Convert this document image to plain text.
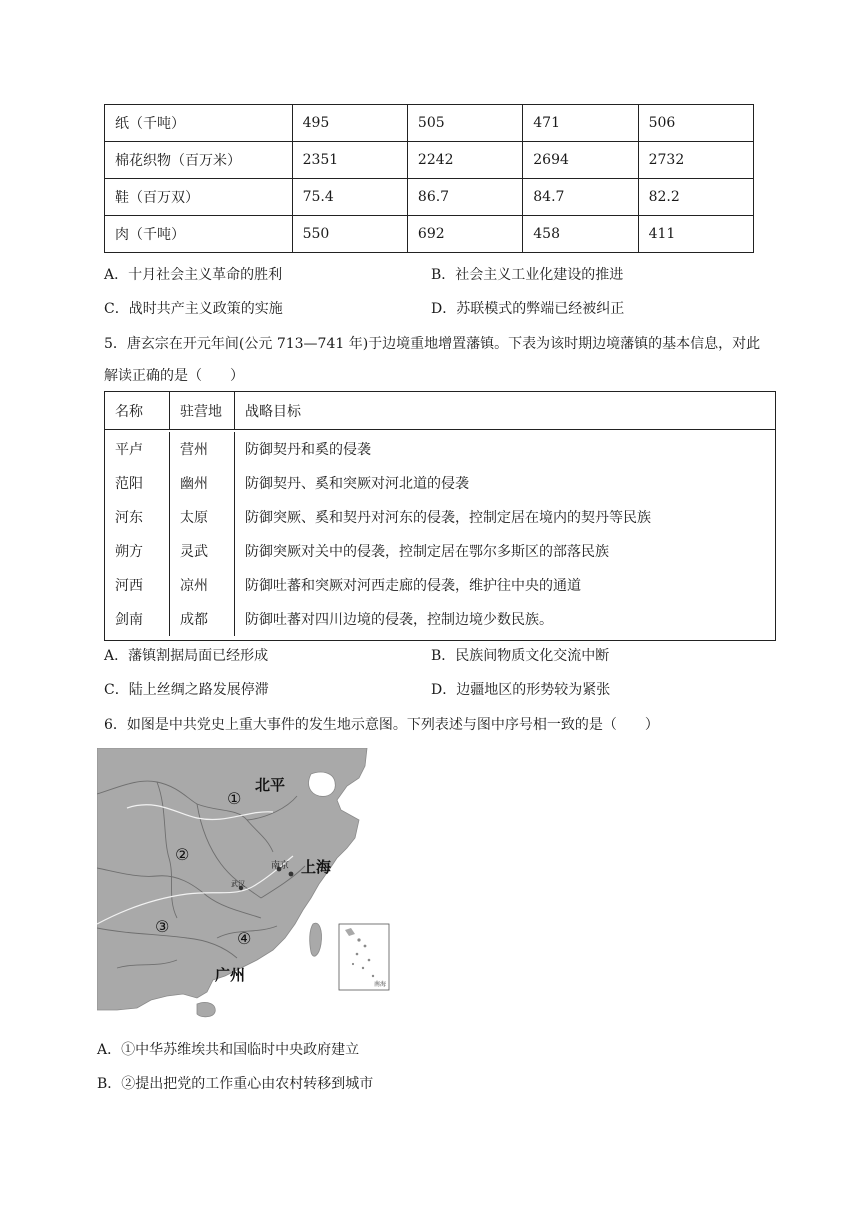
纸（千吨）	495	505	471	506
棉花织物（百万米）	2351	2242	2694	2732
鞋（百万双）	75.4	86.7	84.7	82.2
肉（千吨）	550	692	458	411
A．十月社会主义革命的胜利	B．社会主义工业化建设的推进
C．战时共产主义政策的实施	D．苏联模式的弊端已经被纠正
5．唐玄宗在开元年间(公元 713—741 年)于边境重地增置藩镇。下表为该时期边境藩镇的基本信息，对此
解读正确的是（　　）
名称	驻营地	战略目标
平卢	营州	防御契丹和奚的侵袭
范阳	幽州	防御契丹、奚和突厥对河北道的侵袭
河东	太原	防御突厥、奚和契丹对河东的侵袭，控制定居在境内的契丹等民族
朔方	灵武	防御突厥对关中的侵袭，控制定居在鄂尔多斯区的部落民族
河西	凉州	防御吐蕃和突厥对河西走廊的侵袭，维护往中央的通道
剑南	成都	防御吐蕃对四川边境的侵袭，控制边境少数民族。
A．藩镇割据局面已经形成	B．民族间物质文化交流中断
C．陆上丝绸之路发展停滞	D．边疆地区的形势较为紧张
6．如图是中共党史上重大事件的发生地示意图。下列表述与图中序号相一致的是（　　）
南海
北平
①
②
南京 上海
武汉
③
④
广州
A．①中华苏维埃共和国临时中央政府建立
B．②提出把党的工作重心由农村转移到城市
